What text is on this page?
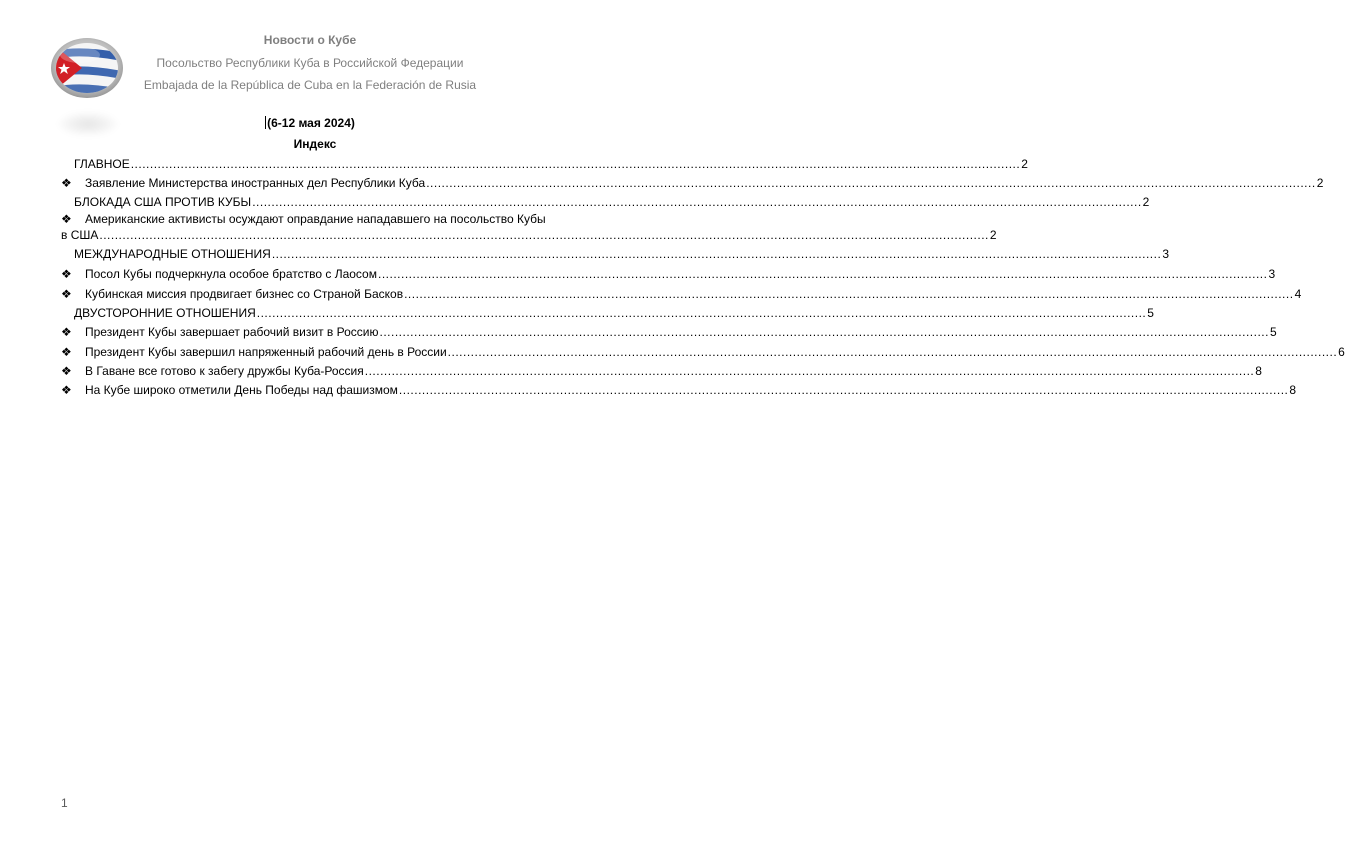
Новости о Кубе
Посольство Республики Куба в Российской Федерации
Embajada de la República de Cuba en la Federación de Rusia
(6-12 мая 2024)
Индекс
ГЛАВНОЕ ........................................................................................................................................................................................................................................ 2
❖	Заявление Министерства иностранных дел Республики Куба ........................................................................................................................................................................................................................................ 2
БЛОКАДА США ПРОТИВ КУБЫ ........................................................................................................................................................................................................................................ 2
❖ Американские активисты осуждают оправдание нападавшего на посольство Кубы
в США ........................................................................................................................................................................................................................................ 2
МЕЖДУНАРОДНЫЕ ОТНОШЕНИЯ ........................................................................................................................................................................................................................................ 3
❖	Посол Кубы подчеркнула особое братство с Лаосом ........................................................................................................................................................................................................................................ 3
❖	Кубинская миссия продвигает бизнес со Страной Басков ........................................................................................................................................................................................................................................ 4
ДВУСТОРОННИЕ ОТНОШЕНИЯ ........................................................................................................................................................................................................................................ 5
❖	Президент Кубы завершает рабочий визит в Россию ........................................................................................................................................................................................................................................ 5
❖	Президент Кубы завершил напряженный рабочий день в России ........................................................................................................................................................................................................................................ 6
❖	В Гаване все готово к забегу дружбы Куба-Россия ........................................................................................................................................................................................................................................ 8
❖	На Кубе широко отметили День Победы над фашизмом ........................................................................................................................................................................................................................................ 8
1
